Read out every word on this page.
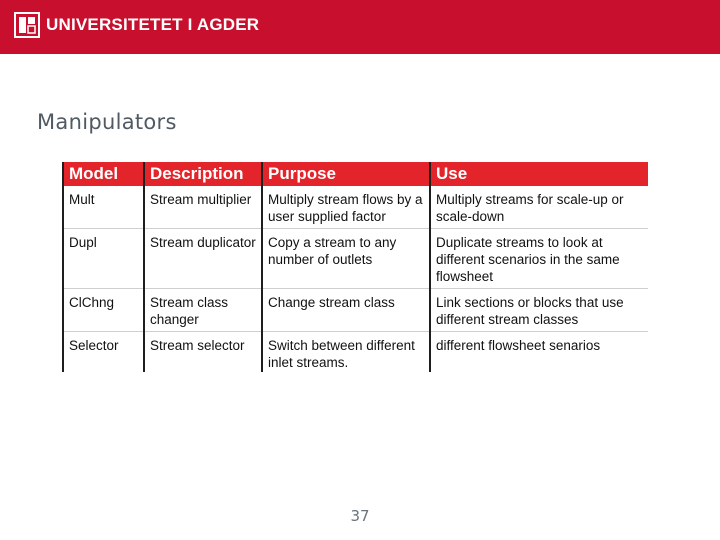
UNIVERSITETET I AGDER
Manipulators
Model	Description	Purpose	Use
Mult	Stream multiplier	Multiply stream flows by a user supplied factor	Multiply streams for scale-up or scale-down
Dupl	Stream duplicator	Copy a stream to any number of outlets	Duplicate streams to look at different scenarios in the same flowsheet
ClChng	Stream class changer	Change stream class	Link sections or blocks that use different stream classes
Selector	Stream selector	Switch between different inlet streams.	different flowsheet senarios
37
